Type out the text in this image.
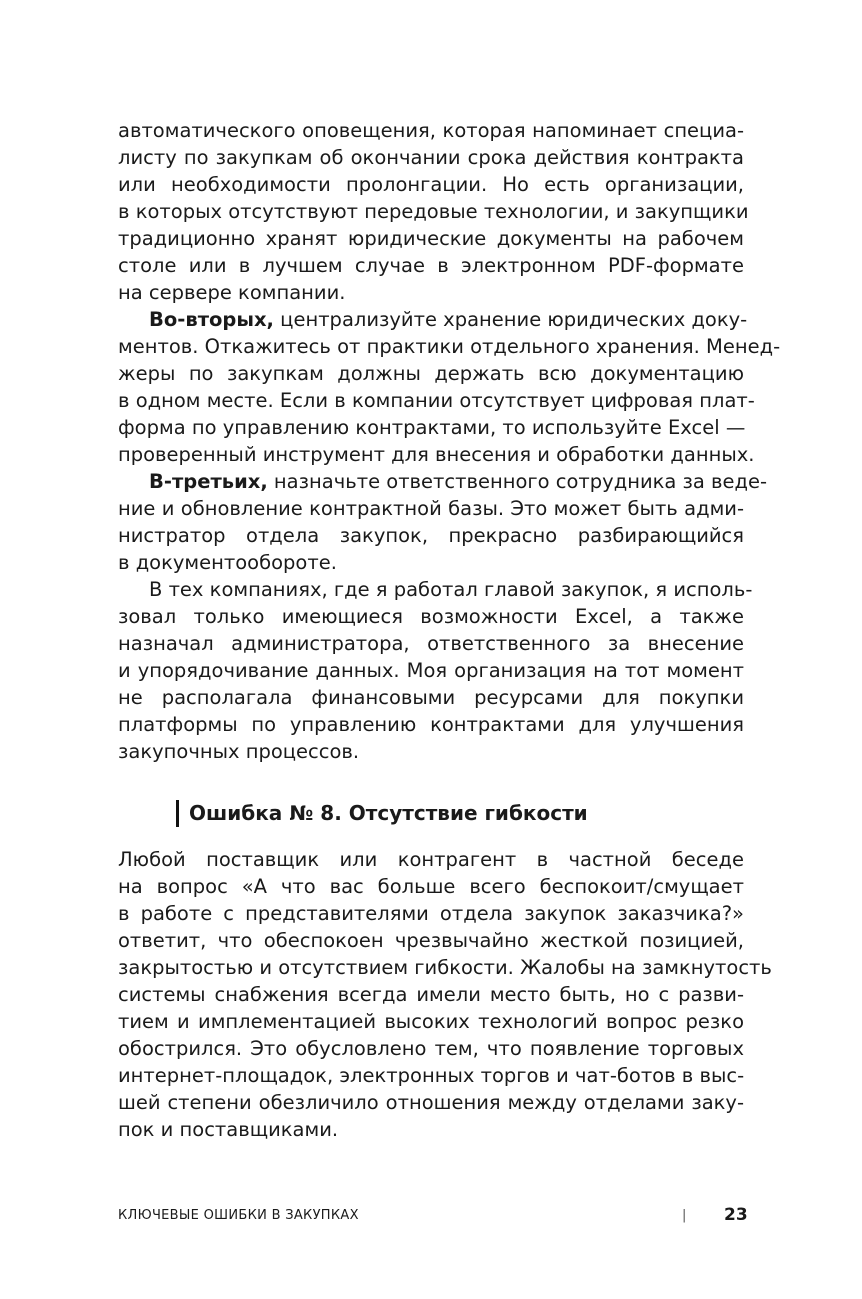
автоматического оповещения, которая напоминает специа-
листу по закупкам об окончании срока действия контракта
или необходимости пролонгации. Но есть организации,
в которых отсутствуют передовые технологии, и закупщики
традиционно хранят юридические документы на рабочем
столе или в лучшем случае в электронном PDF-формате
на сервере компании.
Во-вторых, централизуйте хранение юридических доку-
ментов. Откажитесь от практики отдельного хранения. Менед-
жеры по закупкам должны держать всю документацию
в одном месте. Если в компании отсутствует цифровая плат-
форма по управлению контрактами, то используйте Excel —
проверенный инструмент для внесения и обработки данных.
В-третьих, назначьте ответственного сотрудника за веде-
ние и обновление контрактной базы. Это может быть адми-
нистратор отдела закупок, прекрасно разбирающийся
в документообороте.
В тех компаниях, где я работал главой закупок, я исполь-
зовал только имеющиеся возможности Excel, а также
назначал администратора, ответственного за внесение
и упорядочивание данных. Моя организация на тот момент
не располагала финансовыми ресурсами для покупки
платформы по управлению контрактами для улучшения
закупочных процессов.
Ошибка № 8. Отсутствие гибкости
Любой поставщик или контрагент в частной беседе
на вопрос «А что вас больше всего беспокоит/смущает
в работе с представителями отдела закупок заказчика?»
ответит, что обеспокоен чрезвычайно жесткой позицией,
закрытостью и отсутствием гибкости. Жалобы на замкнутость
системы снабжения всегда имели место быть, но с разви-
тием и имплементацией высоких технологий вопрос резко
обострился. Это обусловлено тем, что появление торговых
интернет-площадок, электронных торгов и чат-ботов в выс-
шей степени обезличило отношения между отделами заку-
пок и поставщиками.
КЛЮЧЕВЫЕ ОШИБКИ В ЗАКУПКАХ	| 23
